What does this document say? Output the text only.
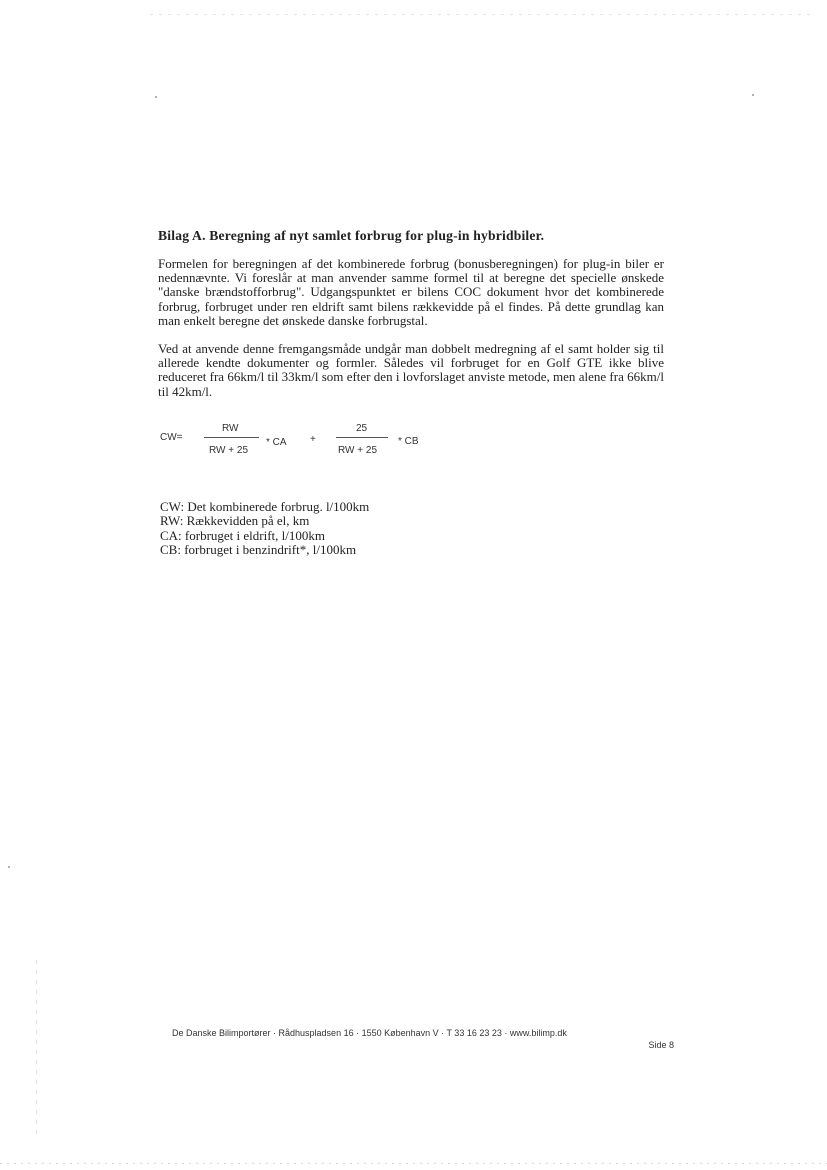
Bilag A. Beregning af nyt samlet forbrug for plug-in hybridbiler.

Formelen for beregningen af det kombinerede forbrug (bonusberegningen) for plug-in biler er nedennævnte. Vi foreslår at man anvender samme formel til at beregne det specielle ønskede "danske brændstofforbrug". Udgangspunktet er bilens COC dokument hvor det kombinerede forbrug, forbruget under ren eldrift samt bilens rækkevidde på el findes. På dette grundlag kan man enkelt beregne det ønskede danske forbrugstal.

Ved at anvende denne fremgangsmåde undgår man dobbelt medregning af el samt holder sig til allerede kendte dokumenter og formler. Således vil forbruget for en Golf GTE ikke blive reduceret fra 66km/l til 33km/l som efter den i lovforslaget anviste metode, men alene fra 66km/l til 42km/l.

CW=
RW
RW + 25
* CA +
25
RW + 25
* CB
CW: Det kombinerede forbrug. l/100km
RW: Rækkevidden på el, km
CA: forbruget i eldrift, l/100km
CB: forbruget i benzindrift*, l/100km
De Danske Bilimportører · Rådhuspladsen 16 · 1550 København V · T 33 16 23 23 · www.bilimp.dk
Side 8
